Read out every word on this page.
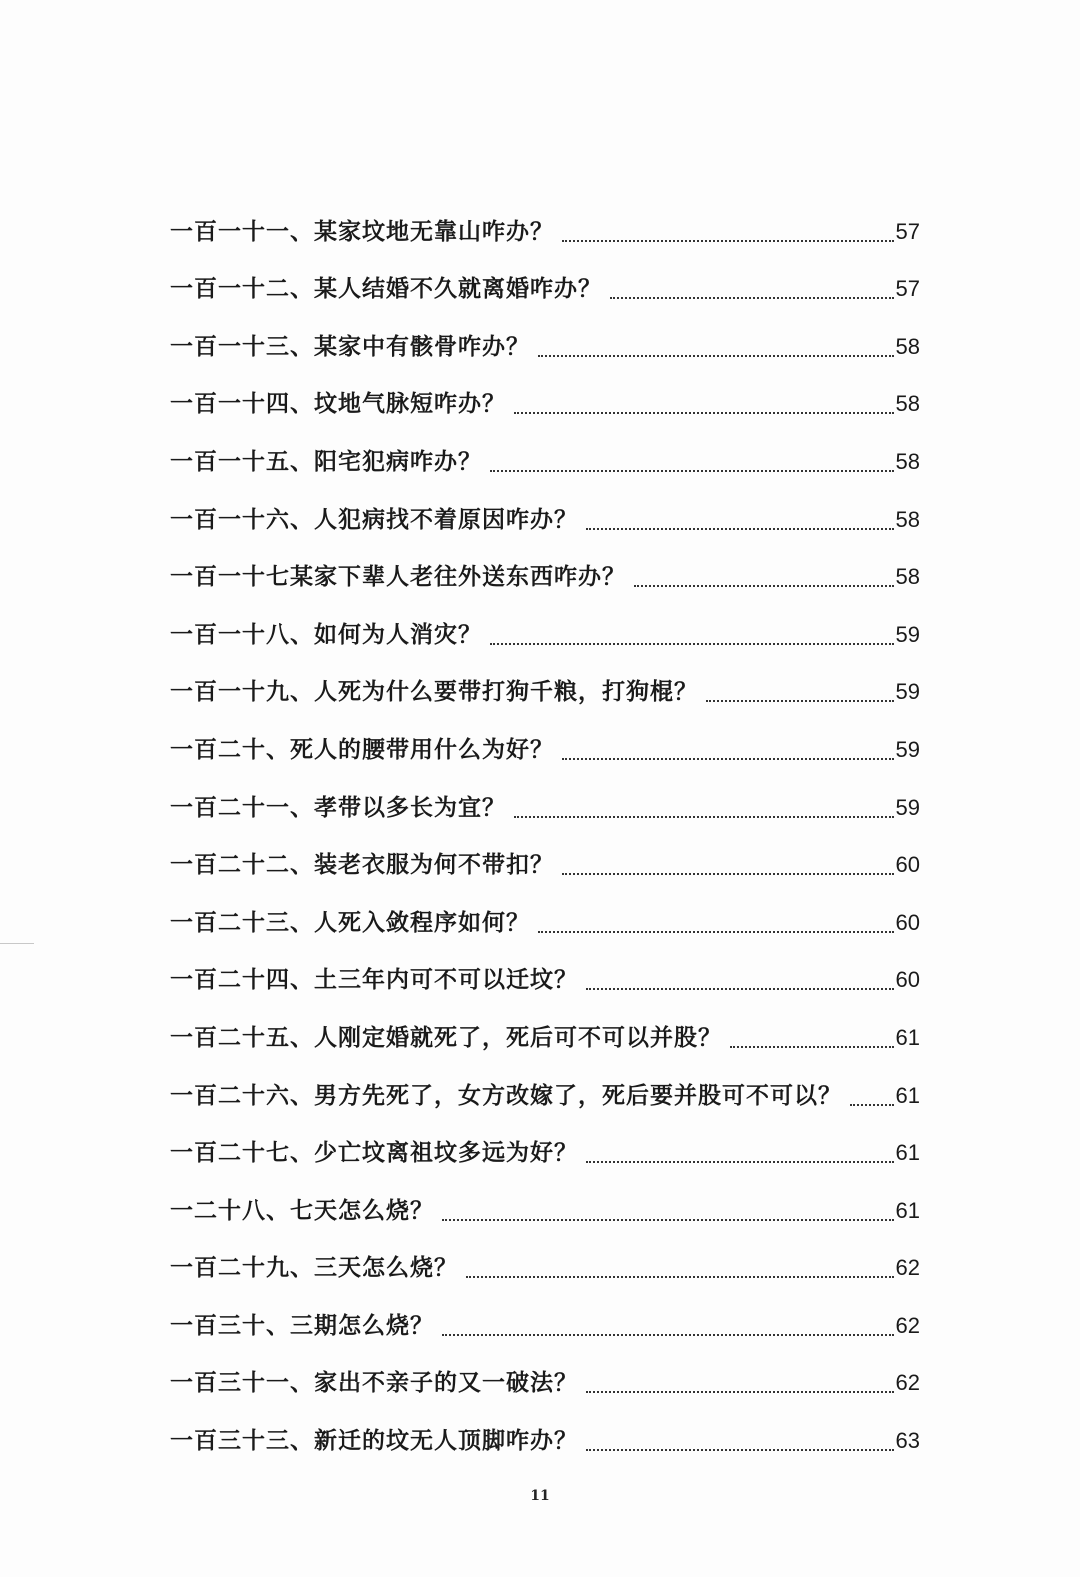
一百一十一、某家坟地无靠山咋办？	57
一百一十二、某人结婚不久就离婚咋办？	57
一百一十三、某家中有骸骨咋办？	58
一百一十四、坟地气脉短咋办？	58
一百一十五、阳宅犯病咋办？	58
一百一十六、人犯病找不着原因咋办？	58
一百一十七某家下辈人老往外送东西咋办？	58
一百一十八、如何为人消灾？	59
一百一十九、人死为什么要带打狗千粮，打狗棍？	59
一百二十、死人的腰带用什么为好？	59
一百二十一、孝带以多长为宜？	59
一百二十二、装老衣服为何不带扣？	60
一百二十三、人死入敛程序如何？	60
一百二十四、土三年内可不可以迁坟？	60
一百二十五、人刚定婚就死了，死后可不可以并股？	61
一百二十六、男方先死了，女方改嫁了，死后要并股可不可以？ 61
一百二十七、少亡坟离祖坟多远为好？	61
一二十八、七天怎么烧？	61
一百二十九、三天怎么烧？	62
一百三十、三期怎么烧？	62
一百三十一、家出不亲子的又一破法？	62
一百三十三、新迁的坟无人顶脚咋办？	63
11
